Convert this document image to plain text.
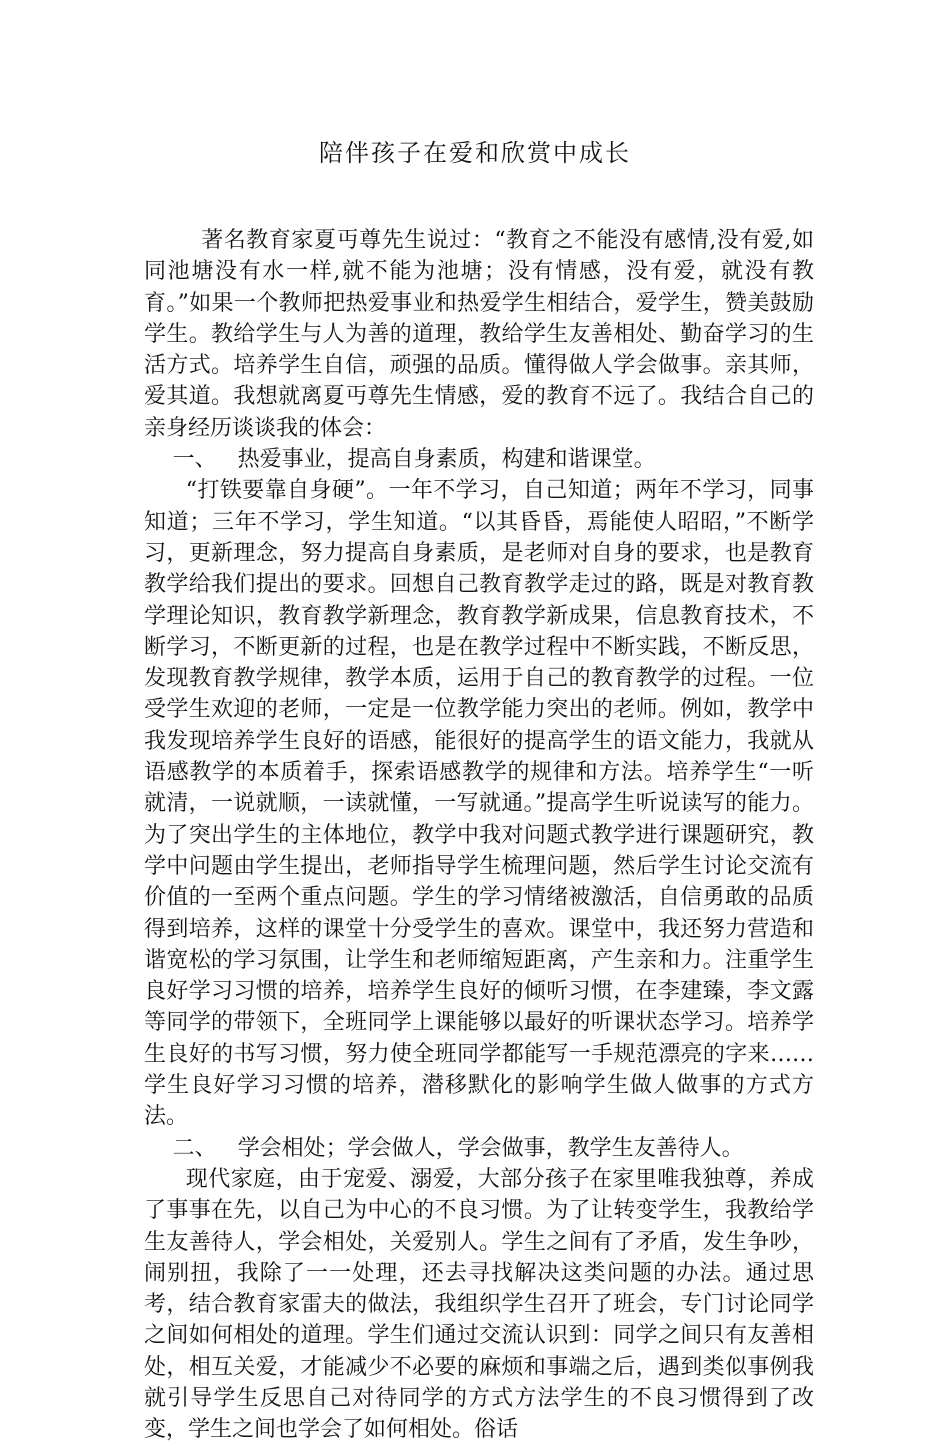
陪伴孩子在爱和欣赏中成长

著名教育家夏丏尊先生说过：“教育之不能没有感情,没有爱,如同池塘没有水一样,就不能为池塘；没有情感，没有爱，就没有教育。”如果一个教师把热爱事业和热爱学生相结合，爱学生，赞美鼓励学生。教给学生与人为善的道理，教给学生友善相处、勤奋学习的生活方式。培养学生自信，顽强的品质。懂得做人学会做事。亲其师，爱其道。我想就离夏丏尊先生情感，爱的教育不远了。我结合自己的亲身经历谈谈我的体会：

一、   热爱事业，提高自身素质，构建和谐课堂。

“打铁要靠自身硬”。一年不学习，自己知道；两年不学习，同事知道；三年不学习，学生知道。“以其昏昏，焉能使人昭昭，”不断学习，更新理念，努力提高自身素质，是老师对自身的要求，也是教育教学给我们提出的要求。回想自己教育教学走过的路，既是对教育教学理论知识，教育教学新理念，教育教学新成果，信息教育技术，不断学习，不断更新的过程，也是在教学过程中不断实践，不断反思，发现教育教学规律，教学本质，运用于自己的教育教学的过程。一位受学生欢迎的老师，一定是一位教学能力突出的老师。例如，教学中我发现培养学生良好的语感，能很好的提高学生的语文能力，我就从语感教学的本质着手，探索语感教学的规律和方法。培养学生“一听就清，一说就顺，一读就懂，一写就通。”提高学生听说读写的能力。为了突出学生的主体地位，教学中我对问题式教学进行课题研究，教学中问题由学生提出，老师指导学生梳理问题，然后学生讨论交流有价值的一至两个重点问题。学生的学习情绪被激活，自信勇敢的品质得到培养，这样的课堂十分受学生的喜欢。课堂中，我还努力营造和谐宽松的学习氛围，让学生和老师缩短距离，产生亲和力。注重学生良好学习习惯的培养，培养学生良好的倾听习惯，在李建臻，李文露等同学的带领下，全班同学上课能够以最好的听课状态学习。培养学生良好的书写习惯，努力使全班同学都能写一手规范漂亮的字来……学生良好学习习惯的培养，潜移默化的影响学生做人做事的方式方法。

二、   学会相处；学会做人，学会做事，教学生友善待人。

现代家庭，由于宠爱、溺爱，大部分孩子在家里唯我独尊，养成了事事在先，以自己为中心的不良习惯。为了让转变学生，我教给学生友善待人，学会相处，关爱别人。学生之间有了矛盾，发生争吵，闹别扭，我除了一一处理，还去寻找解决这类问题的办法。通过思考，结合教育家雷夫的做法，我组织学生召开了班会，专门讨论同学之间如何相处的道理。学生们通过交流认识到：同学之间只有友善相处，相互关爱，才能减少不必要的麻烦和事端之后，遇到类似事例我就引导学生反思自己对待同学的方式方法学生的不良习惯得到了改变，学生之间也学会了如何相处。俗话
